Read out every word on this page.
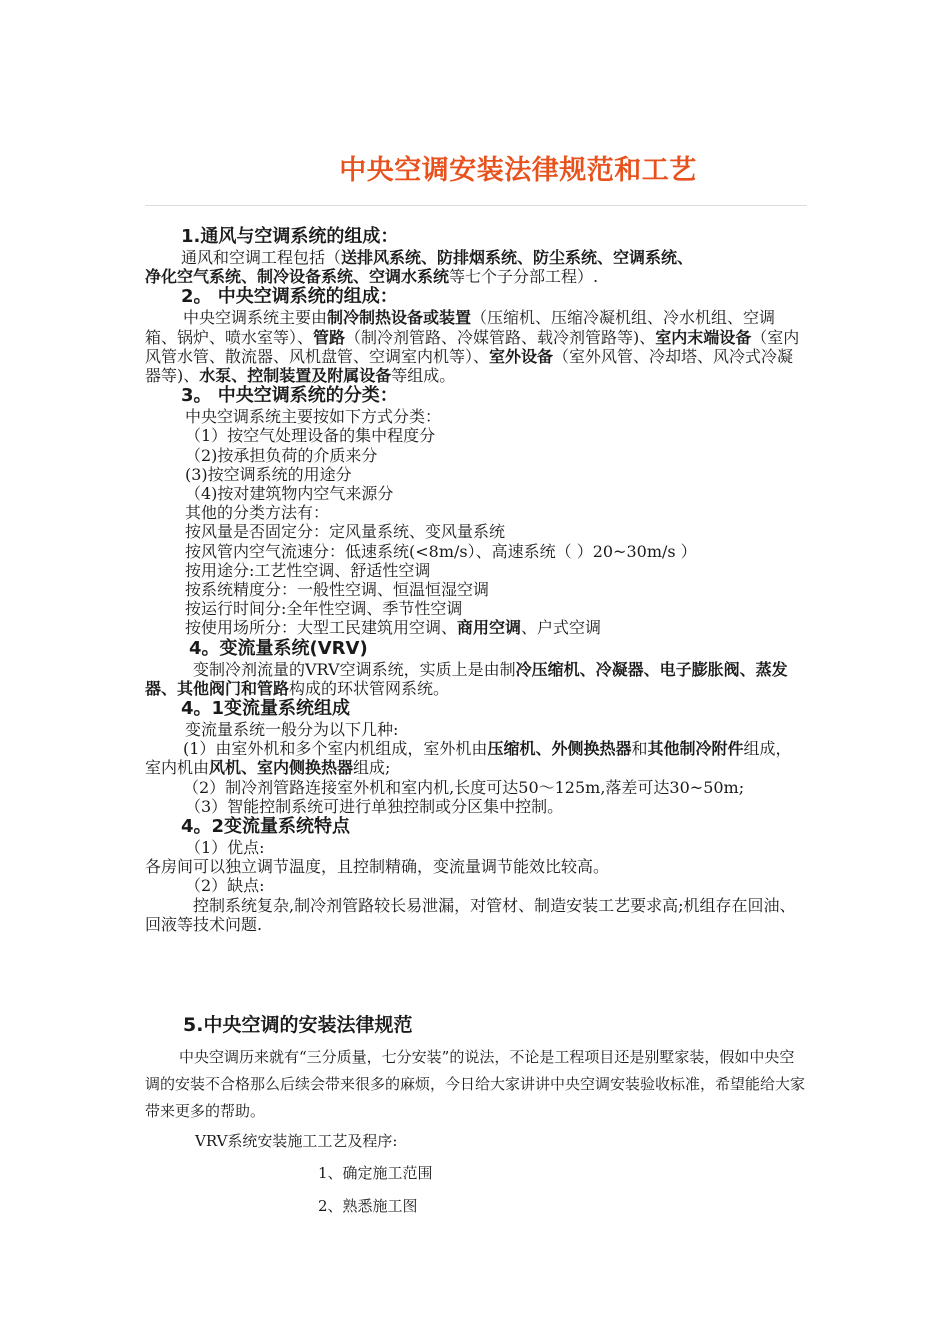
中央空调安装法律规范和工艺
1.通风与空调系统的组成：

通风和空调工程包括（送排风系统、防排烟系统、防尘系统、空调系统、

净化空气系统、制冷设备系统、空调水系统等七个子分部工程）.

2。 中央空调系统的组成：

中央空调系统主要由制冷制热设备或装置（压缩机、压缩冷凝机组、冷水机组、空调箱、锅炉、喷水室等）、管路（制冷剂管路、冷媒管路、载冷剂管路等)、室内末端设备（室内风管水管、散流器、风机盘管、空调室内机等）、室外设备（室外风管、冷却塔、风冷式冷凝器等)、水泵、控制装置及附属设备等组成。

3。 中央空调系统的分类：

中央空调系统主要按如下方式分类：

（1）按空气处理设备的集中程度分

（2)按承担负荷的介质来分

(3)按空调系统的用途分

（4)按对建筑物内空气来源分

其他的分类方法有：

按风量是否固定分：定风量系统、变风量系统

按风管内空气流速分：低速系统(<8m/s）、高速系统（ ）20~30m/s ）

按用途分:工艺性空调、舒适性空调

按系统精度分：一般性空调、恒温恒湿空调

按运行时间分:全年性空调、季节性空调

按使用场所分：大型工民建筑用空调、商用空调、户式空调

4。变流量系统(VRV)

变制冷剂流量的VRV空调系统，实质上是由制冷压缩机、冷凝器、电子膨胀阀、蒸发器、其他阀门和管路构成的环状管网系统。

4。1变流量系统组成

变流量系统一般分为以下几种:

(1）由室外机和多个室内机组成，室外机由压缩机、外侧换热器和其他制冷附件组成，室内机由风机、室内侧换热器组成;

（2）制冷剂管路连接室外机和室内机,长度可达50～125m,落差可达30~50m;

（3）智能控制系统可进行单独控制或分区集中控制。

4。2变流量系统特点

（1）优点:

各房间可以独立调节温度，且控制精确，变流量调节能效比较高。

（2）缺点:

控制系统复杂,制冷剂管路较长易泄漏，对管材、制造安装工艺要求高;机组存在回油、回液等技术问题.

5.中央空调的安装法律规范

中央空调历来就有“三分质量，七分安装”的说法，不论是工程项目还是别墅家装，假如中央空调的安装不合格那么后续会带来很多的麻烦，今日给大家讲讲中央空调安装验收标准，希望能给大家带来更多的帮助。

VRV系统安装施工工艺及程序:
1、确定施工范围
2、熟悉施工图
